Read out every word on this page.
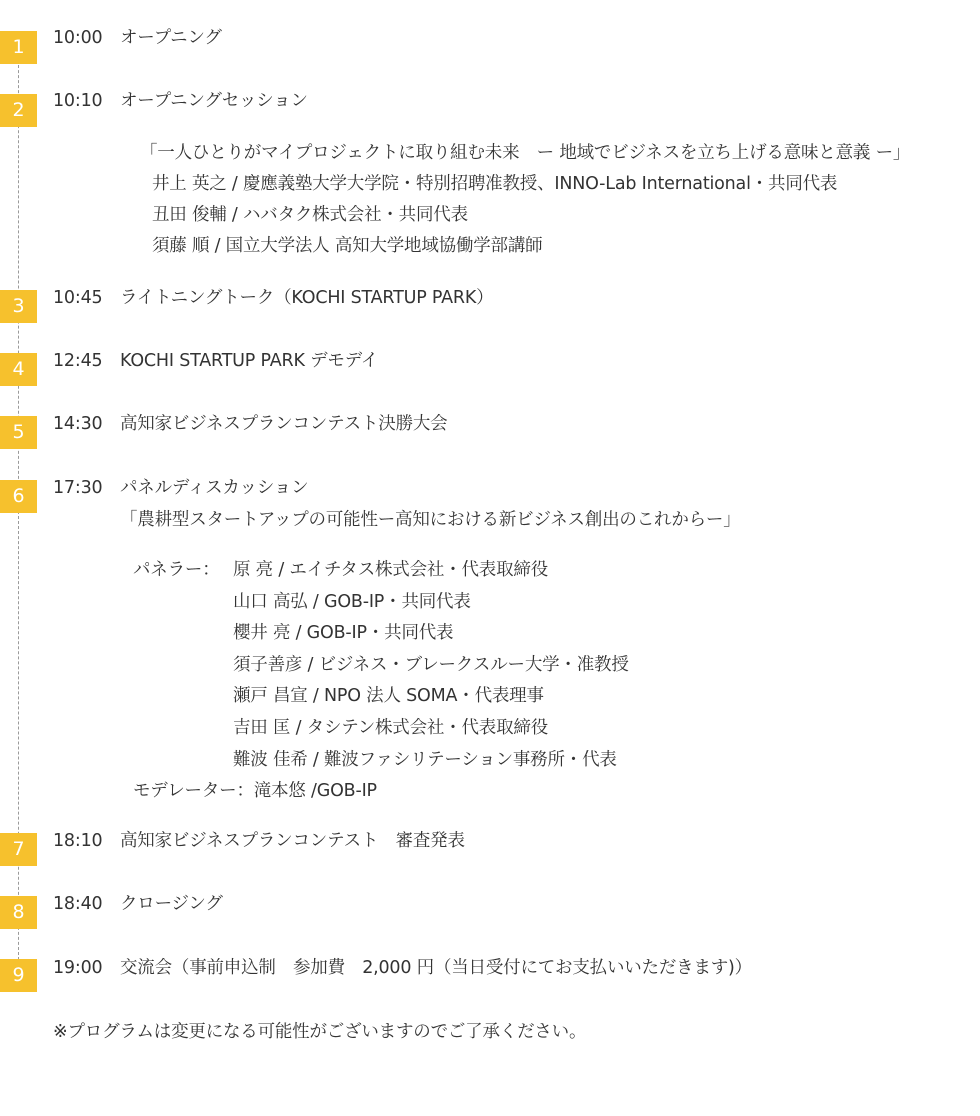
1	10:00 オープニング
2	10:10 オープニングセッション
「一人ひとりがマイプロジェクトに取り組む未来　ー 地域でビジネスを立ち上げる意味と意義 ー」
井上 英之 / 慶應義塾大学大学院・特別招聘准教授、INNO-Lab International・共同代表
丑田 俊輔 / ハバタク株式会社・共同代表
須藤 順 / 国立大学法人 高知大学地域協働学部講師
3	10:45 ライトニングトーク（KOCHI STARTUP PARK）
4	12:45 KOCHI STARTUP PARK デモデイ
5	14:30 高知家ビジネスプランコンテスト決勝大会
6	17:30 パネルディスカッション
「農耕型スタートアップの可能性ー高知における新ビジネス創出のこれからー」
パネラー： 原 亮 / エイチタス株式会社・代表取締役
山口 高弘 / GOB-IP・共同代表
櫻井 亮 / GOB-IP・共同代表
須子善彦 / ビジネス・ブレークスルー大学・准教授
瀬戸 昌宣 / NPO 法人 SOMA・代表理事
吉田 匡 / タシテン株式会社・代表取締役
難波 佳希 / 難波ファシリテーション事務所・代表
モデレーター：滝本悠 /GOB-IP
7	18:10 高知家ビジネスプランコンテスト　審査発表
8	18:40 クロージング
9	19:00 交流会（事前申込制　参加費　2,000 円（当日受付にてお支払いいただきます)）
※プログラムは変更になる可能性がございますのでご了承ください。
